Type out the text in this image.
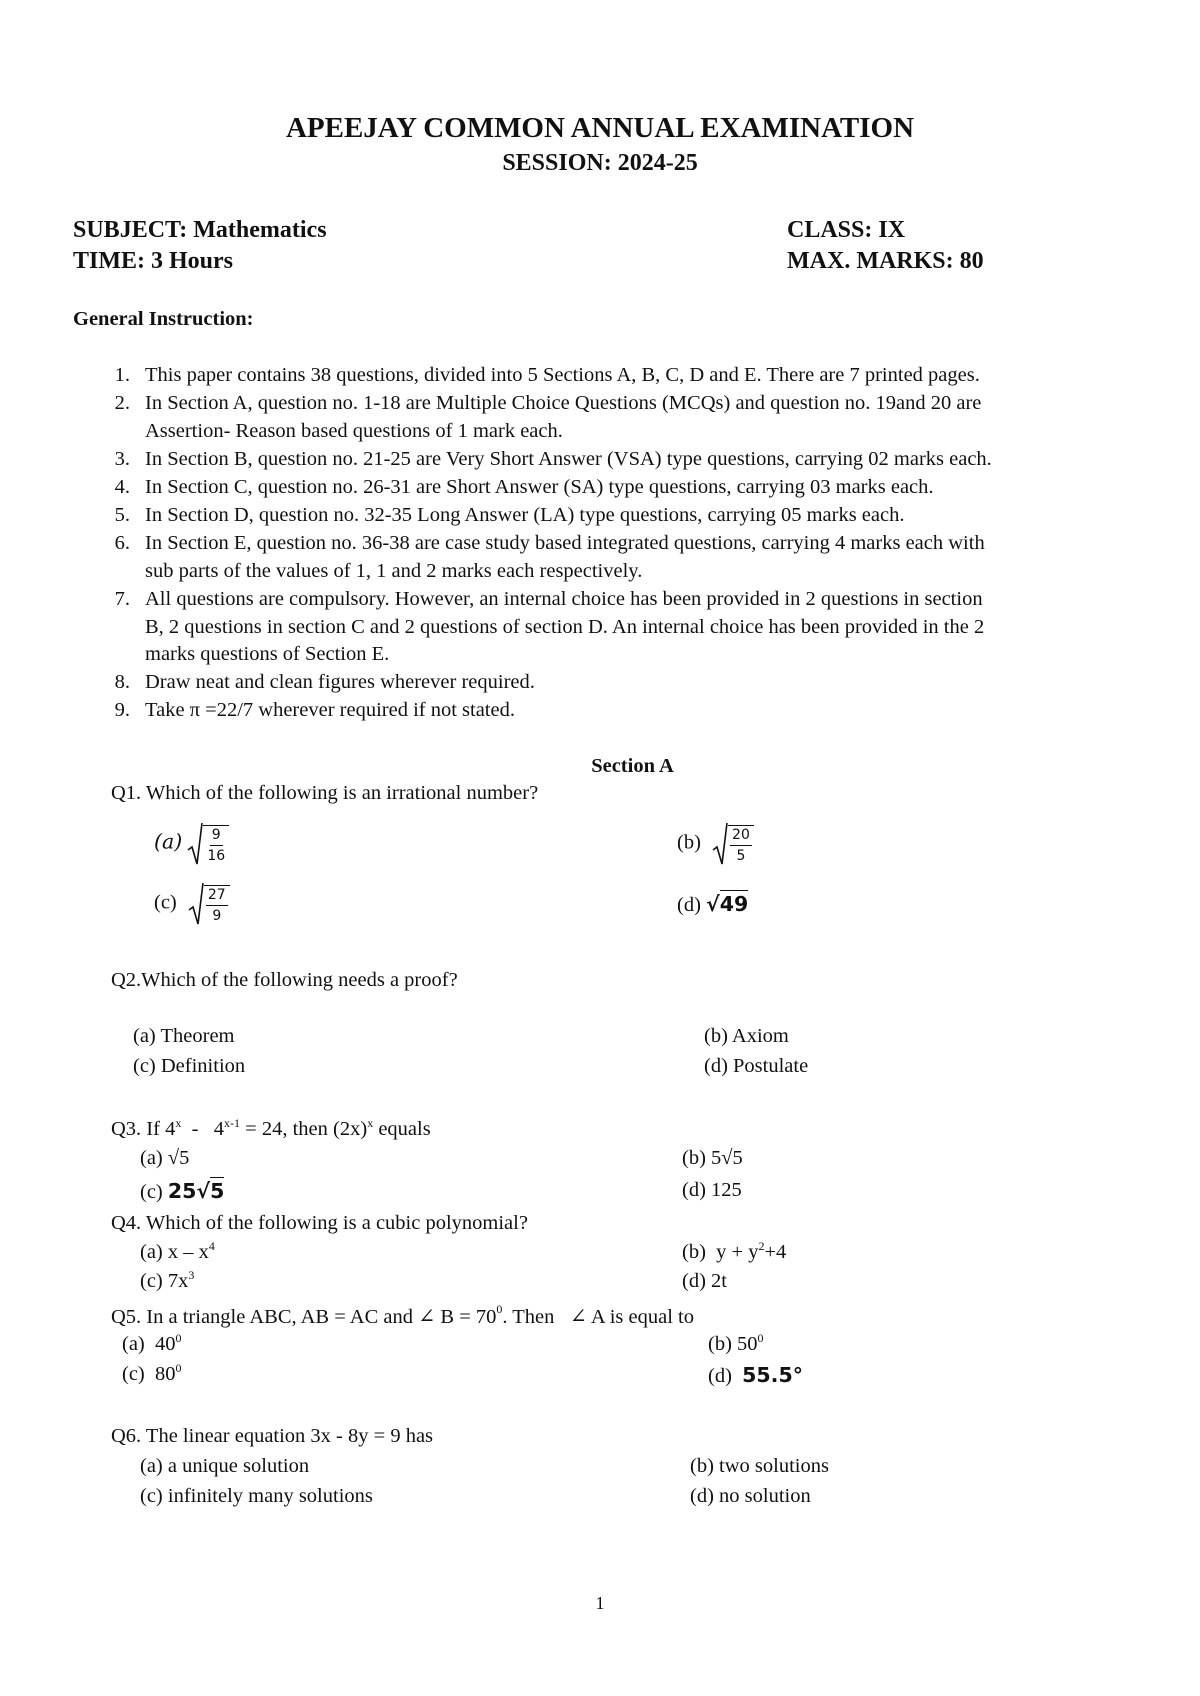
APEEJAY COMMON ANNUAL EXAMINATION
SESSION: 2024-25
SUBJECT: Mathematics	CLASS: IX
TIME: 3 Hours	MAX. MARKS: 80
General Instruction:
1. This paper contains 38 questions, divided into 5 Sections A, B, C, D and E. There are 7 printed pages.
2. In Section A, question no. 1-18 are Multiple Choice Questions (MCQs) and question no. 19and 20 are
Assertion- Reason based questions of 1 mark each.
3. In Section B, question no. 21-25 are Very Short Answer (VSA) type questions, carrying 02 marks each.
4. In Section C, question no. 26-31 are Short Answer (SA) type questions, carrying 03 marks each.
5. In Section D, question no. 32-35 Long Answer (LA) type questions, carrying 05 marks each.
6. In Section E, question no. 36-38 are case study based integrated questions, carrying 4 marks each with
sub parts of the values of 1, 1 and 2 marks each respectively.
7. All questions are compulsory. However, an internal choice has been provided in 2 questions in section
B, 2 questions in section C and 2 questions of section D. An internal choice has been provided in the 2
marks questions of Section E.
8. Draw neat and clean figures wherever required.
9. Take π =22/7 wherever required if not stated.
Section A
Q1. Which of the following is an irrational number?
$(a) \frac{9}{16}$	$(b) \frac{20}{5}$
$(c) \frac{27}{9}$	(d) √49
Q2.Which of the following needs a proof?
(a) Theorem	(b) Axiom
(c) Definition	(d) Postulate
Q3. If $4^x - 4^{x-1} = 24$, then $(2x)^x$ equals
(a) √5	(b) 5√5
(c) 25√5	(d) 125
Q4. Which of the following is a cubic polynomial?
(a) x – $x^4$	(b)  $y + y^2+4$
(c) $7x^3$	(d) 2t
Q5. In a triangle ABC, AB = AC and ∠ $B = 70^0$. Then   ∠ A is equal to
(a)  $40^0$	(b) $50^0$
(c)  $80^0$	(d)  55.5°
Q6. The linear equation 3x - 8y = 9 has
(a) a unique solution	(b) two solutions
(c) infinitely many solutions	(d) no solution
1
